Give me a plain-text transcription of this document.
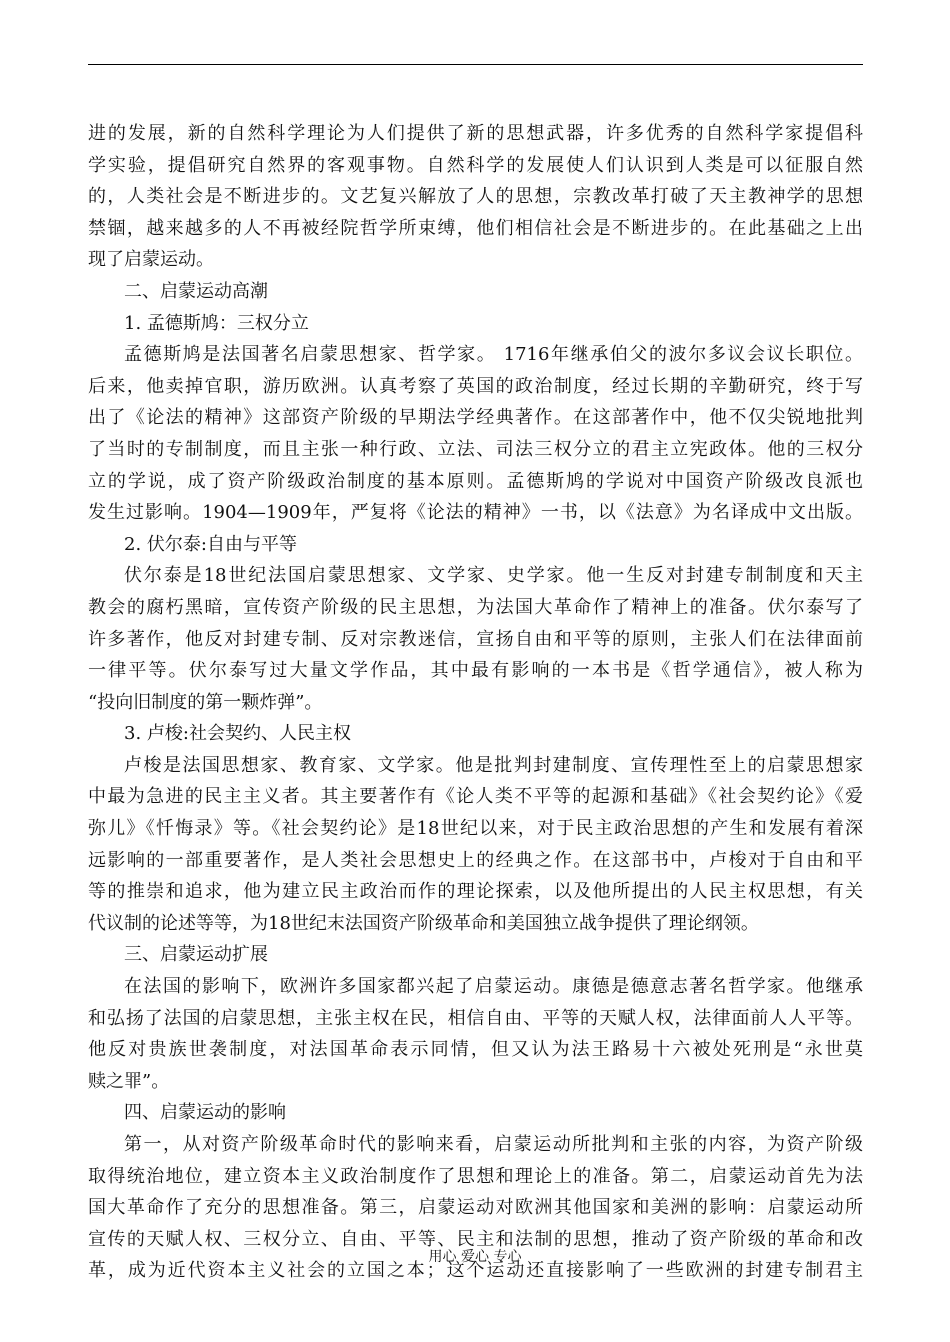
进的发展，新的自然科学理论为人们提供了新的思想武器，许多优秀的自然科学家提倡科
学实验，提倡研究自然界的客观事物。自然科学的发展使人们认识到人类是可以征服自然
的，人类社会是不断进步的。文艺复兴解放了人的思想，宗教改革打破了天主教神学的思想
禁锢，越来越多的人不再被经院哲学所束缚，他们相信社会是不断进步的。在此基础之上出
现了启蒙运动。
二、启蒙运动高潮
1. 孟德斯鸠：三权分立
孟德斯鸠是法国著名启蒙思想家、哲学家。 1716年继承伯父的波尔多议会议长职位。
后来，他卖掉官职，游历欧洲。认真考察了英国的政治制度，经过长期的辛勤研究，终于写
出了《论法的精神》这部资产阶级的早期法学经典著作。在这部著作中，他不仅尖锐地批判
了当时的专制制度，而且主张一种行政、立法、司法三权分立的君主立宪政体。他的三权分
立的学说，成了资产阶级政治制度的基本原则。孟德斯鸠的学说对中国资产阶级改良派也
发生过影响。1904—1909年，严复将《论法的精神》一书，以《法意》为名译成中文出版。
2. 伏尔泰:自由与平等
伏尔泰是18世纪法国启蒙思想家、文学家、史学家。他一生反对封建专制制度和天主
教会的腐朽黑暗，宣传资产阶级的民主思想，为法国大革命作了精神上的准备。伏尔泰写了
许多著作，他反对封建专制、反对宗教迷信，宣扬自由和平等的原则，主张人们在法律面前
一律平等。伏尔泰写过大量文学作品，其中最有影响的一本书是《哲学通信》，被人称为
“投向旧制度的第一颗炸弹”。
3. 卢梭:社会契约、人民主权
卢梭是法国思想家、教育家、文学家。他是批判封建制度、宣传理性至上的启蒙思想家
中最为急进的民主主义者。其主要著作有《论人类不平等的起源和基础》《社会契约论》《爱
弥儿》《忏悔录》等。《社会契约论》是18世纪以来，对于民主政治思想的产生和发展有着深
远影响的一部重要著作，是人类社会思想史上的经典之作。在这部书中，卢梭对于自由和平
等的推崇和追求，他为建立民主政治而作的理论探索，以及他所提出的人民主权思想，有关
代议制的论述等等，为18世纪末法国资产阶级革命和美国独立战争提供了理论纲领。
三、启蒙运动扩展
在法国的影响下，欧洲许多国家都兴起了启蒙运动。康德是德意志著名哲学家。他继承
和弘扬了法国的启蒙思想，主张主权在民，相信自由、平等的天赋人权，法律面前人人平等。
他反对贵族世袭制度，对法国革命表示同情，但又认为法王路易十六被处死刑是“永世莫
赎之罪”。
四、启蒙运动的影响
第一，从对资产阶级革命时代的影响来看，启蒙运动所批判和主张的内容，为资产阶级
取得统治地位，建立资本主义政治制度作了思想和理论上的准备。第二，启蒙运动首先为法
国大革命作了充分的思想准备。第三，启蒙运动对欧洲其他国家和美洲的影响：启蒙运动所
宣传的天赋人权、三权分立、自由、平等、民主和法制的思想，推动了资产阶级的革命和改
革，成为近代资本主义社会的立国之本；这个运动还直接影响了一些欧洲的封建专制君主
用心 爱心 专心
